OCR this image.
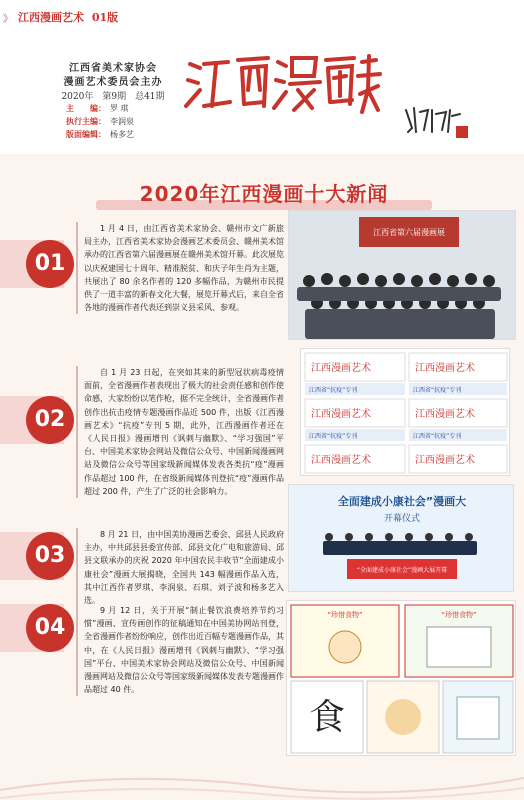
》 江西漫画艺术 01版
江西省美术家协会
漫画艺术委员会主办
2020年　第9期　总41期
主　　编： 罗 琪
执行主编： 李润泉
版面编辑： 杨多艺
2020年江西漫画十大新闻
01

1 月 4 日，由江西省美术家协会、赣州市文广新旅局主办，江西省美术家协会漫画艺术委员会、赣州美术馆承办的江西省第六届漫画展在赣州美术馆开幕。此次展览以庆祝建国七十周年、精准脱贫、和庆子年生肖为主题，共展出了 80 余名作者的 120 多幅作品，为赣州市民提供了一道丰富的新春文化大餐，展览开幕式后，来自全省各地的漫画作者代表还到崇义县采风、参观。

江西省第六届漫画展
02

自 1 月 23 日起，在突如其来的新型冠状病毒疫情面前，全省漫画作者表现出了极大的社会责任感和创作使命感，大家纷纷以笔作枪，据不完全统计，全省漫画作者创作出抗击疫情专题漫画作品近 500 件，出版《江西漫画艺术》“抗疫”专刊 5 期，此外，江西漫画作者还在《人民日报》漫画增刊《讽刺与幽默》、“学习强国”平台、中国美术家协会网站及微信公众号、中国新闻漫画网站及微信公众号等国家级新闻媒体发表各类抗“疫”漫画作品超过 100 件，在省级新闻媒体刊登抗“疫”漫画作品超过 200 件，产生了广泛的社会影响力。

江西漫画艺术	江西漫画艺术
江西省“抗疫”专刊	江西省“抗疫”专刊
江西漫画艺术	江西漫画艺术
江西省“抗疫”专刊	江西省“抗疫”专刊
江西漫画艺术	江西漫画艺术
全面建成小康社会”漫画大
开幕仪式
“全面建成小康社会”漫画大展开幕
03

8 月 21 日，由中国美协漫画艺委会、邱县人民政府主办，中共邱县县委宣传部、邱县文化广电和旅游局、邱县文联承办的庆祝 2020 年中国农民丰收节“全面建成小康社会”漫画大展揭晓，全国共 143 幅漫画作品入选，其中江西作者罗琪、李润泉、石琪、刘子波和杨多艺入选。

04

9 月 12 日，关于开展“制止餐饮浪费培养节约习惯”漫画、宣传画创作的征稿通知在中国美协网站刊登，全省漫画作者纷纷响应，创作出近百幅专题漫画作品，其中，在《人民日报》漫画增刊《讽刺与幽默》、“学习强国”平台、中国美术家协会网站及微信公众号、中国新闻漫画网站及微信公众号等国家级新闻媒体发表专题漫画作品超过 40 件。

“珍惜食物”	“珍惜食物”
食
